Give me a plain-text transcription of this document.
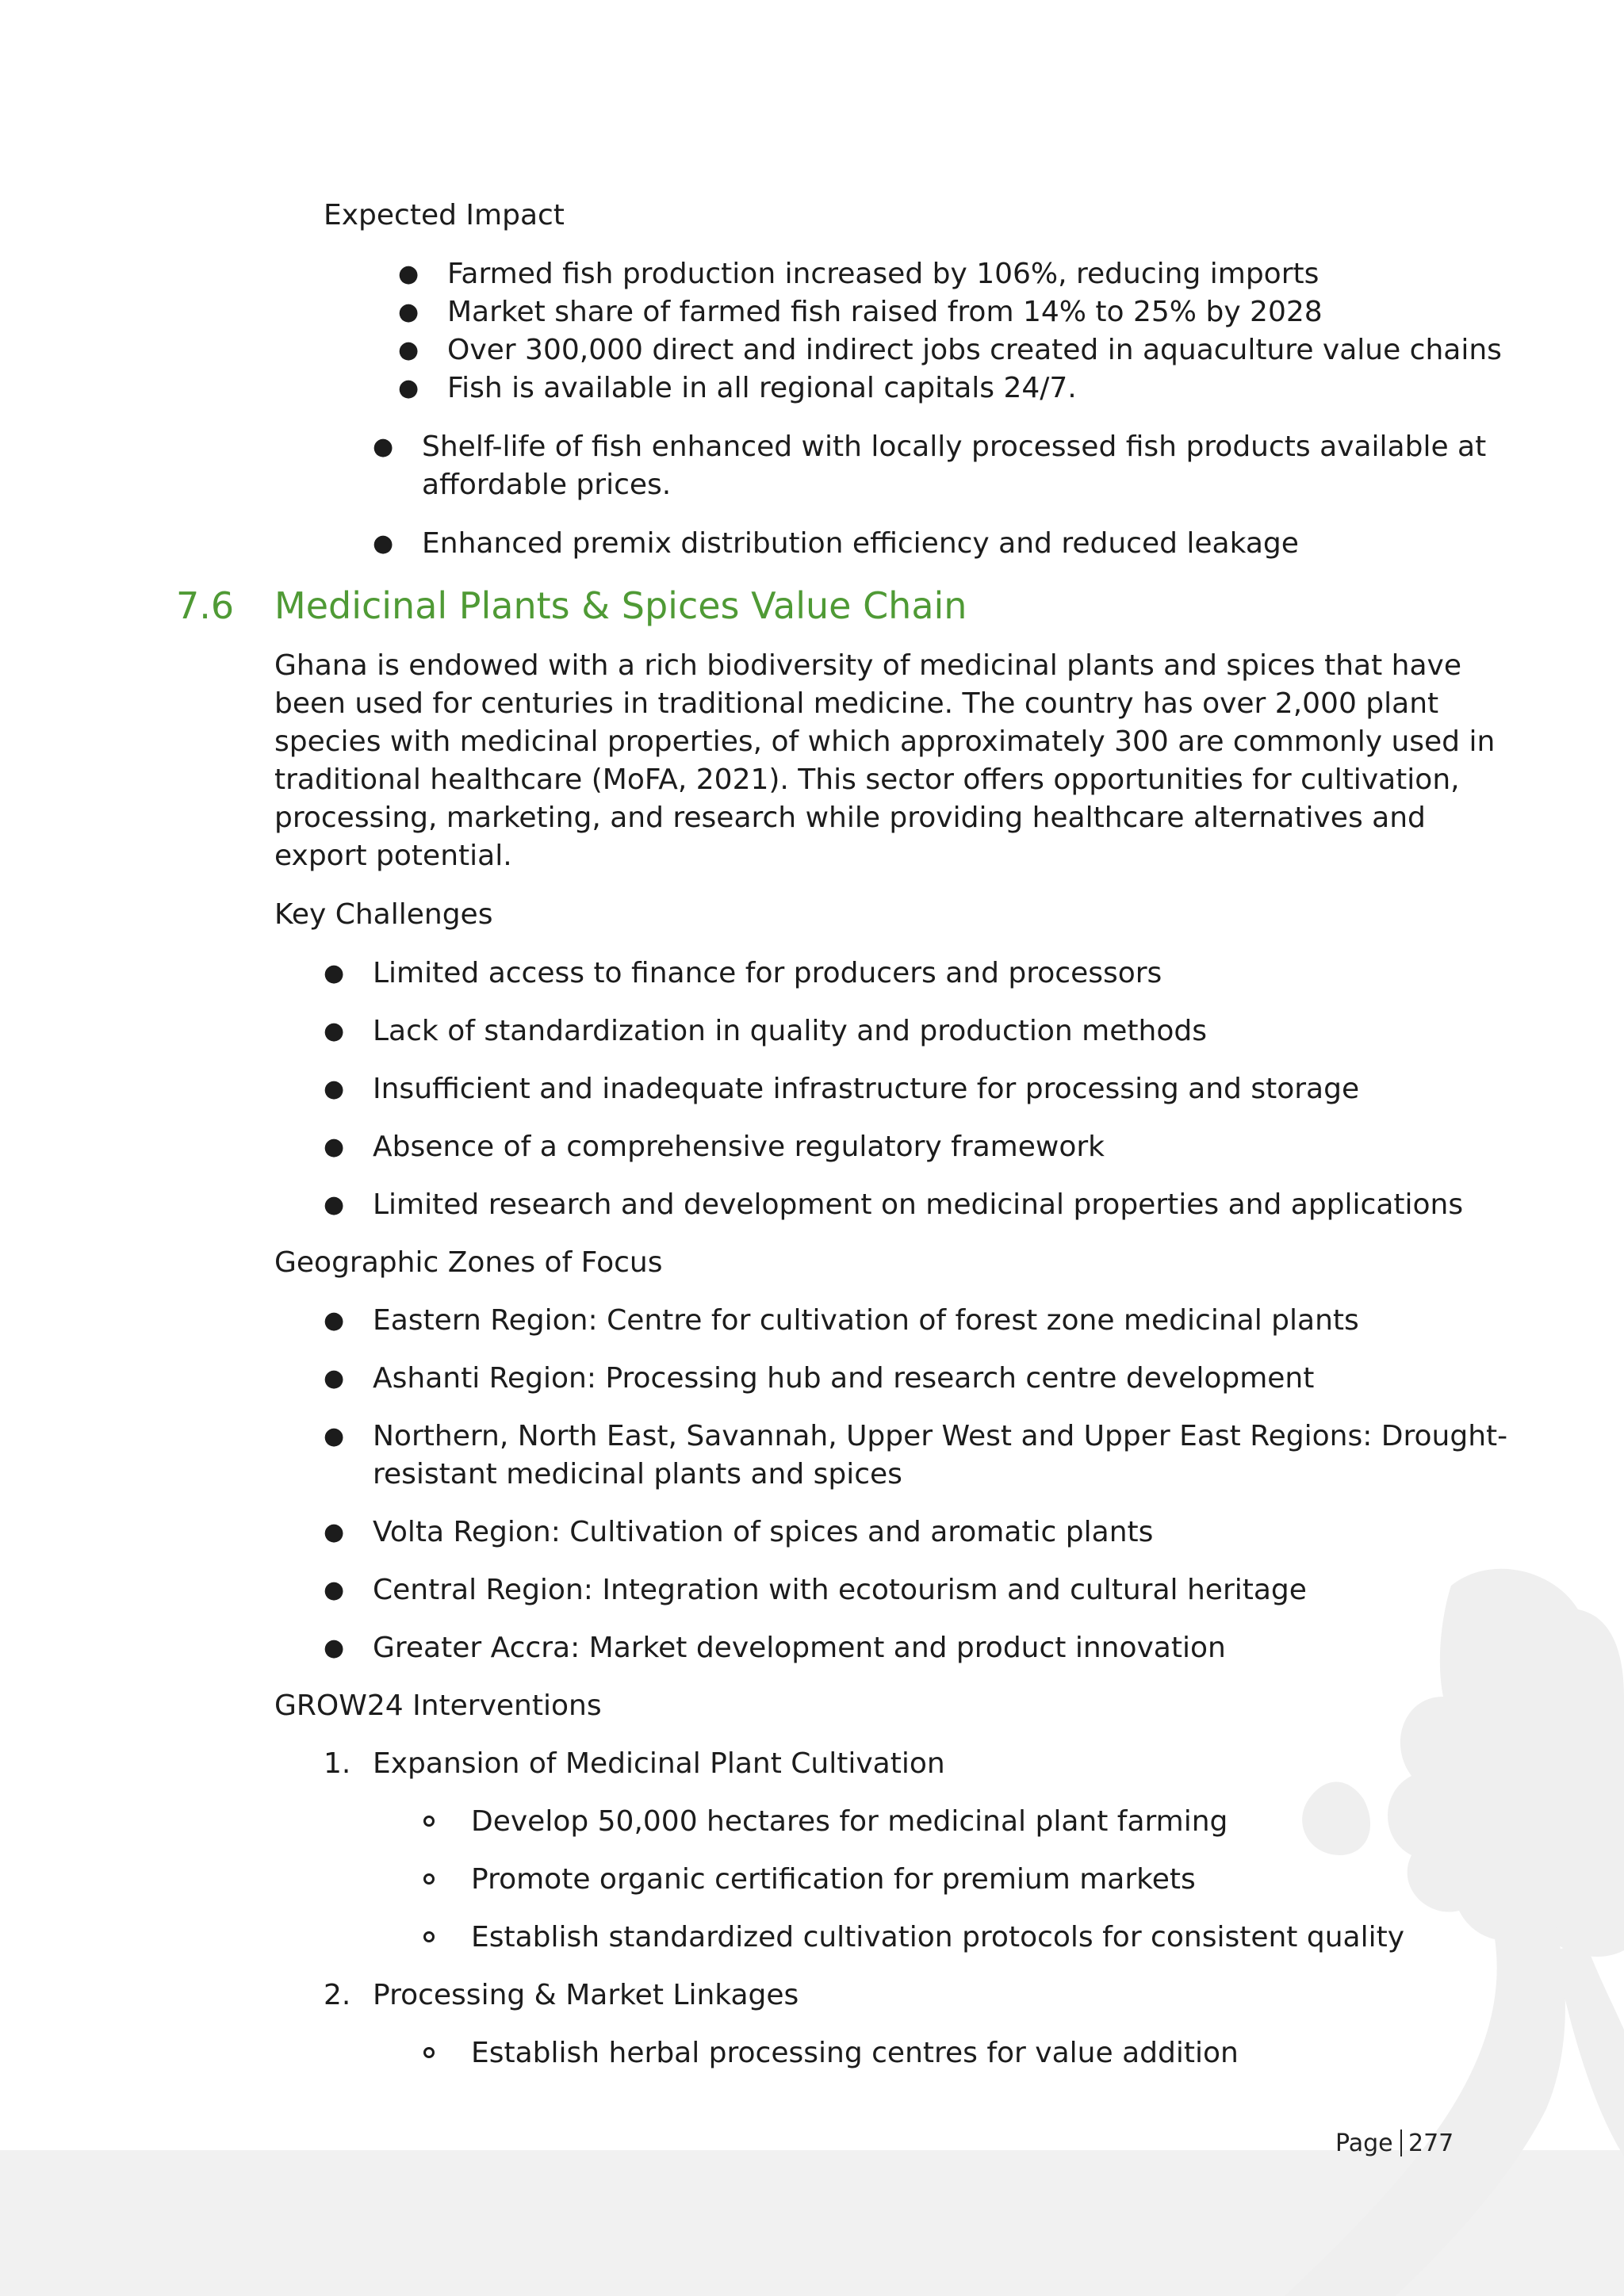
Expected Impact
● Farmed fish production increased by 106%, reducing imports
● Market share of farmed fish raised from 14% to 25% by 2028
● Over 300,000 direct and indirect jobs created in aquaculture value chains
● Fish is available in all regional capitals 24/7.
● Shelf-life of fish enhanced with locally processed fish products available at
affordable prices.
● Enhanced premix distribution efficiency and reduced leakage
7.6 Medicinal Plants & Spices Value Chain
Ghana is endowed with a rich biodiversity of medicinal plants and spices that have
been used for centuries in traditional medicine. The country has over 2,000 plant
species with medicinal properties, of which approximately 300 are commonly used in
traditional healthcare (MoFA, 2021). This sector offers opportunities for cultivation,
processing, marketing, and research while providing healthcare alternatives and
export potential.
Key Challenges
● Limited access to finance for producers and processors
● Lack of standardization in quality and production methods
● Insufficient and inadequate infrastructure for processing and storage
● Absence of a comprehensive regulatory framework
● Limited research and development on medicinal properties and applications
Geographic Zones of Focus
● Eastern Region: Centre for cultivation of forest zone medicinal plants
● Ashanti Region: Processing hub and research centre development
● Northern, North East, Savannah, Upper West and Upper East Regions: Drought-
resistant medicinal plants and spices
● Volta Region: Cultivation of spices and aromatic plants
● Central Region: Integration with ecotourism and cultural heritage
● Greater Accra: Market development and product innovation
GROW24 Interventions
1. Expansion of Medicinal Plant Cultivation
Develop 50,000 hectares for medicinal plant farming
Promote organic certification for premium markets
Establish standardized cultivation protocols for consistent quality
2. Processing & Market Linkages
Establish herbal processing centres for value addition
Page 277
